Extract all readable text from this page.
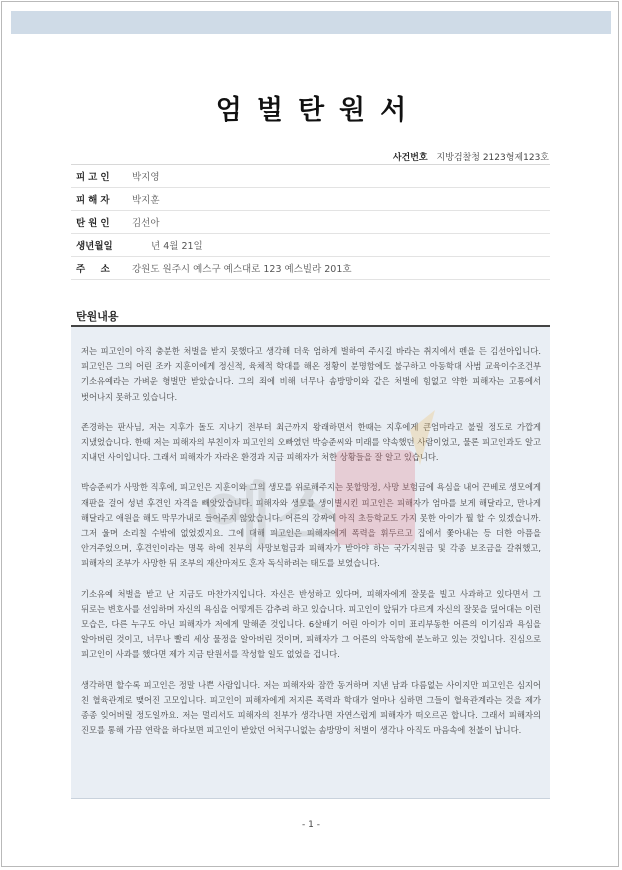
엄벌탄원서
사건번호 지방검찰청 2123형제123호
피고인	박지영
피해자	박지훈
탄원인	김선아
생년월일	　　년 4월 21일
주　소	강원도 원주시 예스구 예스대로 123 예스빌라 201호
탄원내용

저는 피고인이 아직 충분한 처벌을 받지 못했다고 생각해 더욱 엄하게 벌하여 주시길 바라는 취지에서 펜을 든 김선아입니다. 피고인은 그의 어린 조카 지훈이에게 정신적, 육체적 학대를 해온 정황이 분명함에도 불구하고 아동학대 사범 교육이수조건부 기소유예라는 가벼운 형벌만 받았습니다. 그의 죄에 비해 너무나 솜방망이와 같은 처벌에 힘없고 약한 피해자는 고통에서 벗어나지 못하고 있습니다.

존경하는 판사님, 저는 지후가 돌도 지나기 전부터 최근까지 왕래하면서 한때는 지후에게 큰엄마라고 불릴 정도로 가깝게 지냈었습니다. 한때 저는 피해자의 부친이자 피고인의 오빠였던 박승준씨와 미래를 약속했던 사람이었고, 물론 피고인과도 알고 지내던 사이입니다. 그래서 피해자가 자라온 환경과 지금 피해자가 처한 상황들을 잘 알고 있습니다.

박승준씨가 사망한 직후에, 피고인은 지훈이와 그의 생모를 위로해주지는 못할망정, 사망 보험금에 욕심을 내어 끈베로 생모에게 재판을 걸어 성년 후견인 자격을 빼앗았습니다. 피해자와 생모를 생이별시킨 피고인은 피해자가 엄마를 보게 해달라고, 만나게 해달라고 애원을 해도 막무가내로 들어주지 않았습니다. 어른의 강짜에 아직 초등학교도 가지 못한 아이가 뭘 할 수 있겠습니까. 그저 울며 소리칠 수밖에 없었겠지요. 그에 대해 피고인은 피해자에게 폭력을 휘두르고 집에서 쫓아내는 등 더한 아픔을 안겨주었으며, 후견인이라는 명목 하에 친부의 사망보험금과 피해자가 받아야 하는 국가지원금 및 각종 보조금을 갈취했고, 피해자의 조부가 사망한 뒤 조부의 재산마저도 혼자 독식하려는 태도를 보였습니다.

기소유예 처벌을 받고 난 지금도 마찬가지입니다. 자신은 반성하고 있다며, 피해자에게 잘못을 빌고 사과하고 있다면서 그 뒤로는 변호사를 선임하며 자신의 욕심을 어떻게든 감추려 하고 있습니다. 피고인이 앞뒤가 다르게 자신의 잘못을 덮어대는 이런 모습은, 다른 누구도 아닌 피해자가 저에게 말해준 것입니다. 6살배기 어린 아이가 이미 표리부동한 어른의 이기심과 욕심을 알아버린 것이고, 너무나 빨리 세상 물정을 알아버린 것이며, 피해자가 그 어른의 악독함에 분노하고 있는 것입니다. 진심으로 피고인이 사과를 했다면 제가 지금 탄원서를 작성할 일도 없었을 겁니다.

생각하면 할수록 피고인은 정말 나쁜 사람입니다. 저는 피해자와 잠깐 동거하며 지낸 남과 다름없는 사이지만 피고인은 심지어 친 혈육관계로 맺어진 고모입니다. 피고인이 피해자에게 저지른 폭력과 학대가 얼마나 심하면 그들이 혈육관계라는 것을 제가 종종 잊어버릴 정도일까요. 저는 멀리서도 피해자의 친부가 생각나면 자연스럽게 피해자가 떠오르곤 합니다. 그래서 피해자의 진모를 통해 가끔 연락을 하다보면 피고인이 받았던 어처구니없는 솜방망이 처벌이 생각나 아직도 마음속에 천불이 납니다.

예스
- 1 -
